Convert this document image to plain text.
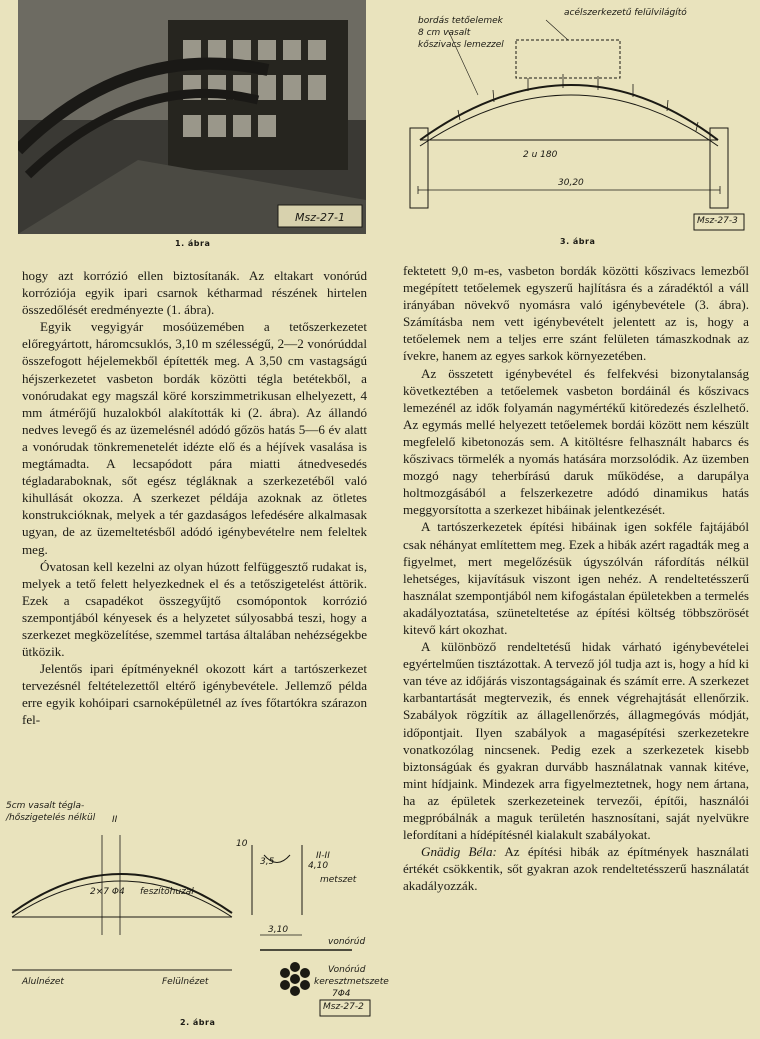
Msz-27-1
1. ábra
bordás tetőelemek
8 cm vasalt
kőszivacs lemezzel
acélszerkezetű felülvilágító
2 u 180
30,20
Msz-27-3
3. ábra

hogy azt korrózió ellen biztosítanák. Az eltakart vonórúd korróziója egyik ipari csarnok kétharmad részének hirtelen összedőlését eredményezte (1. ábra).

Egyik vegyigyár mosóüzemében a tetőszerkezetet előregyártott, háromcsuklós, 3,10 m szélességű, 2—2 vonórúddal összefogott héjelemekből építették meg. A 3,50 cm vastagságú héjszerkezetet vasbeton bordák közötti tégla betétekből, a vonórudakat egy magszál köré korszimmetrikusan elhelyezett, 4 mm átmérőjű huzalokból alakították ki (2. ábra). Az állandó nedves levegő és az üzemelésnél adódó gőzös hatás 5—6 év alatt a vonórudak tönkremenetelét idézte elő és a héjívek vasalása is megtámadta. A lecsapódott pára miatti átnedvesedés tégladaraboknak, sőt egész tégláknak a szerkezetéből való kihullását okozza. A szerkezet példája azoknak az ötletes konstrukcióknak, melyek a tér gazdaságos lefedésére alkalmasak ugyan, de az üzemeltetésből adódó igénybevételre nem feleltek meg.

Óvatosan kell kezelni az olyan húzott felfüggesztő rudakat is, melyek a tető felett helyezkednek el és a tetőszigetelést áttörik. Ezek a csapadékot összegyűjtő csomópontok korrózió szempontjából kényesek és a helyzetet súlyosabbá teszi, hogy a szerkezet megközelítése, szemmel tartása általában nehézségekbe ütközik.

Jelentős ipari építményeknél okozott kárt a tartószerkezet tervezésnél feltételezettől eltérő igénybevétele. Jellemző példa erre egyik kohóipari csarnoképületnél az íves főtartókra szárazon fel-

5cm vasalt tégla-
/hőszigetelés nélkül II
2×7 Φ4 feszítőhuzal
10
3,5	4,10
II-II
metszet
3,10
vonórúd
Vonórúd
keresztmetszete
7Φ4
Alulnézet	Felülnézet
Msz-27-2
2. ábra

fektetett 9,0 m-es, vasbeton bordák közötti kőszivacs lemezből megépített tetőelemek egyszerű hajlításra és a záradéktól a váll irányában növekvő nyomásra való igénybevétele (3. ábra). Számításba nem vett igénybevételt jelentett az is, hogy a tetőelemek nem a teljes erre szánt felületen támaszkodnak az ívekre, hanem az egyes sarkok környezetében.

Az összetett igénybevétel és felfekvési bizonytalanság következtében a tetőelemek vasbeton bordáinál és kőszivacs lemezénél az idők folyamán nagymértékű kitöredezés észlelhető. Az egymás mellé helyezett tetőelemek bordái között nem készült megfelelő kibetonozás sem. A kitöltésre felhasznált habarcs és kőszivacs törmelék a nyomás hatására morzsolódik. Az üzemben mozgó nagy teherbírású daruk működése, a darupálya holtmozgásából a felszerkezetre adódó dinamikus hatás meggyorsította a szerkezet hibáinak jelentkezését.

A tartószerkezetek építési hibáinak igen sokféle fajtájából csak néhányat említettem meg. Ezek a hibák azért ragadták meg a figyelmet, mert megelőzésük úgyszólván ráfordítás nélkül lehetséges, kijavításuk viszont igen nehéz. A rendeltetésszerű használat szempontjából nem kifogástalan épületekben a termelés akadályoztatása, szüneteltetése az építési költség többszörösét kitevő kárt okozhat.

A különböző rendeltetésű hidak várható igénybevételei egyértelműen tisztázottak. A tervező jól tudja azt is, hogy a híd ki van téve az időjárás viszontagságainak és számít erre. A szerkezet karbantartását megtervezik, és ennek végrehajtását ellenőrzik. Szabályok rögzítik az állagellenőrzés, állagmegóvás módját, időpontjait. Ilyen szabályok a magasépítési szerkezetekre vonatkozólag nincsenek. Pedig ezek a szerkezetek kisebb biztonságúak és gyakran durvább használatnak vannak kitéve, mint hídjaink. Mindezek arra figyelmeztetnek, hogy nem ártana, ha az épületek szerkezeteinek tervezői, építői, használói megpróbálnák a maguk területén hasznosítani, saját nyelvükre lefordítani a hídépítésnél kialakult szabályokat.

Gnädig Béla: Az építési hibák az építmények használati értékét csökkentik, sőt gyakran azok rendeltetésszerű használatát akadályozzák.
